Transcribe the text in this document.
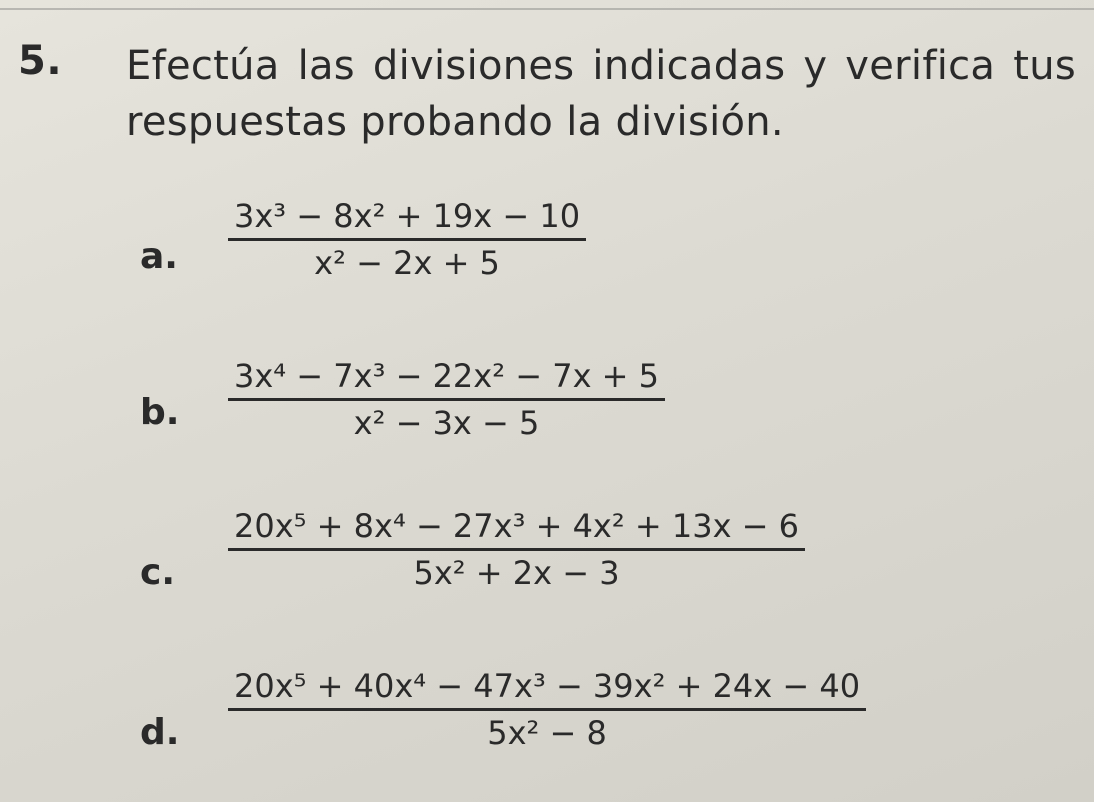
5. Efectúa las divisiones indicadas y verifica tus respuestas probando la división.
a.
3x³ − 8x² + 19x − 10
x² − 2x + 5
b.
3x⁴ − 7x³ − 22x² − 7x + 5
x² − 3x − 5
c.
20x⁵ + 8x⁴ − 27x³ + 4x² + 13x − 6
5x² + 2x − 3
d.
20x⁵ + 40x⁴ − 47x³ − 39x² + 24x − 40
5x² − 8
